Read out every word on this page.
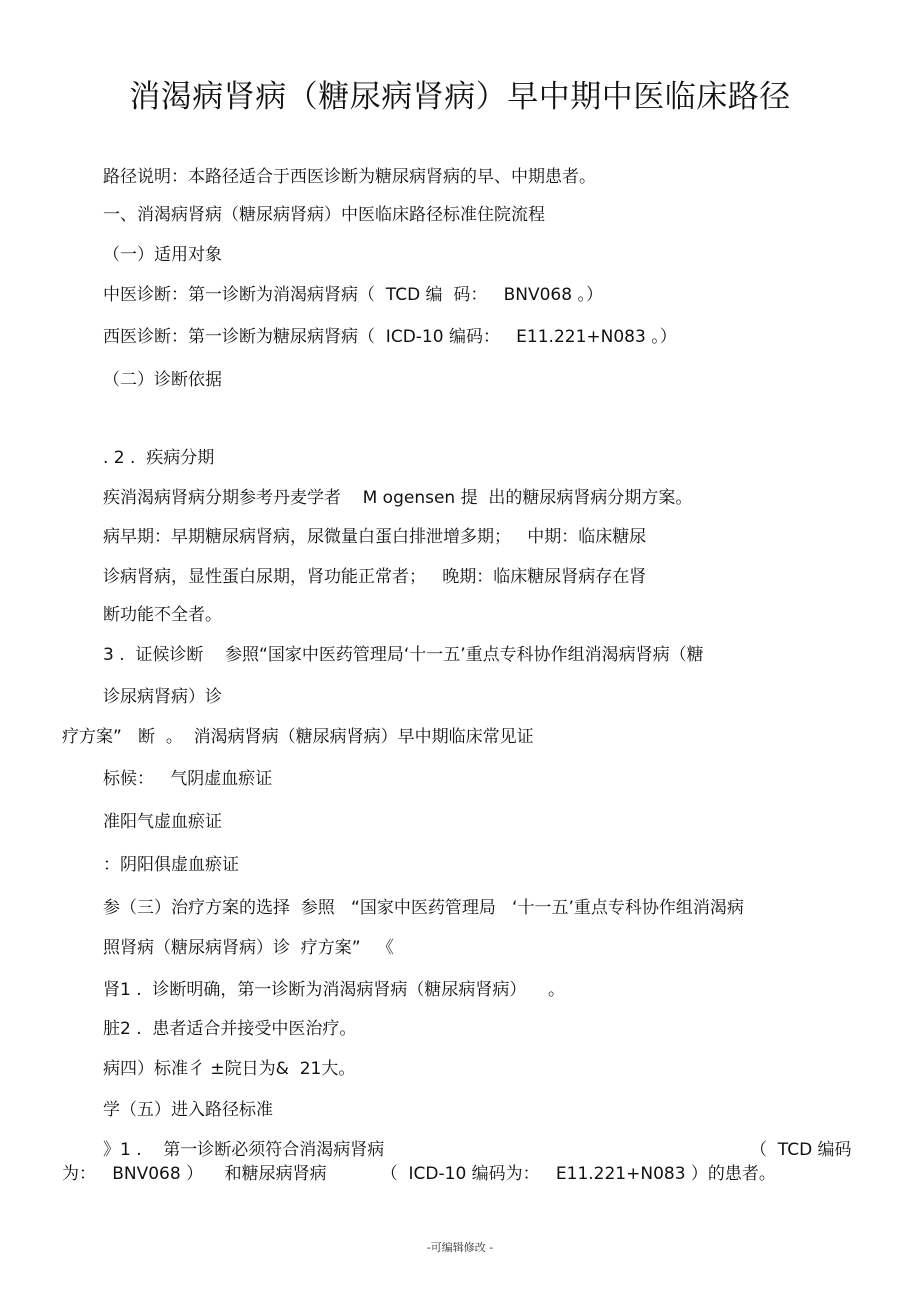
消渴病肾病（糖尿病肾病）早中期中医临床路径
路径说明：本路径适合于西医诊断为糖尿病肾病的早、中期患者。
一、消渴病肾病（糖尿病肾病）中医临床路径标准住院流程
（一）适用对象
中医诊断：第一诊断为消渴病肾病（  TCD 编  码：   BNV068 。）
西医诊断：第一诊断为糖尿病肾病（  ICD-10 编码：   E11.221+N083 。）
（二）诊断依据
. 2 .  疾病分期
疾消渴病肾病分期参考丹麦学者    M ogensen 提  出的糖尿病肾病分期方案。
病早期：早期糖尿病肾病，尿微量白蛋白排泄增多期；   中期：临床糖尿
诊病肾病，显性蛋白尿期，肾功能正常者；   晚期：临床糖尿肾病存在肾
断功能不全者。
3 .  证候诊断    参照“国家中医药管理局‘十一五’重点专科协作组消渴病肾病（糖
诊尿病肾病）诊
疗方案”   断  。  消渴病肾病（糖尿病肾病）早中期临床常见证
标候：   气阴虚血瘀证
准阳气虚血瘀证
：阴阳俱虚血瘀证
参（三）治疗方案的选择  参照   “国家中医药管理局   ‘十一五’重点专科协作组消渴病
照肾病（糖尿病肾病）诊  疗方案”   《
肾1 .  诊断明确，第一诊断为消渴病肾病（糖尿病肾病）    。
脏2 .  患者适合并接受中医治疗。
病四）标准彳 ±院日为&  21大。
学（五）进入路径标准
》1 .    第一诊断必须符合消渴病肾病	（  TCD 编码
为：   BNV068 ）    和糖尿病肾病          （  ICD-10 编码为：   E11.221+N083 ）的患者。
-可编辑修改 -
